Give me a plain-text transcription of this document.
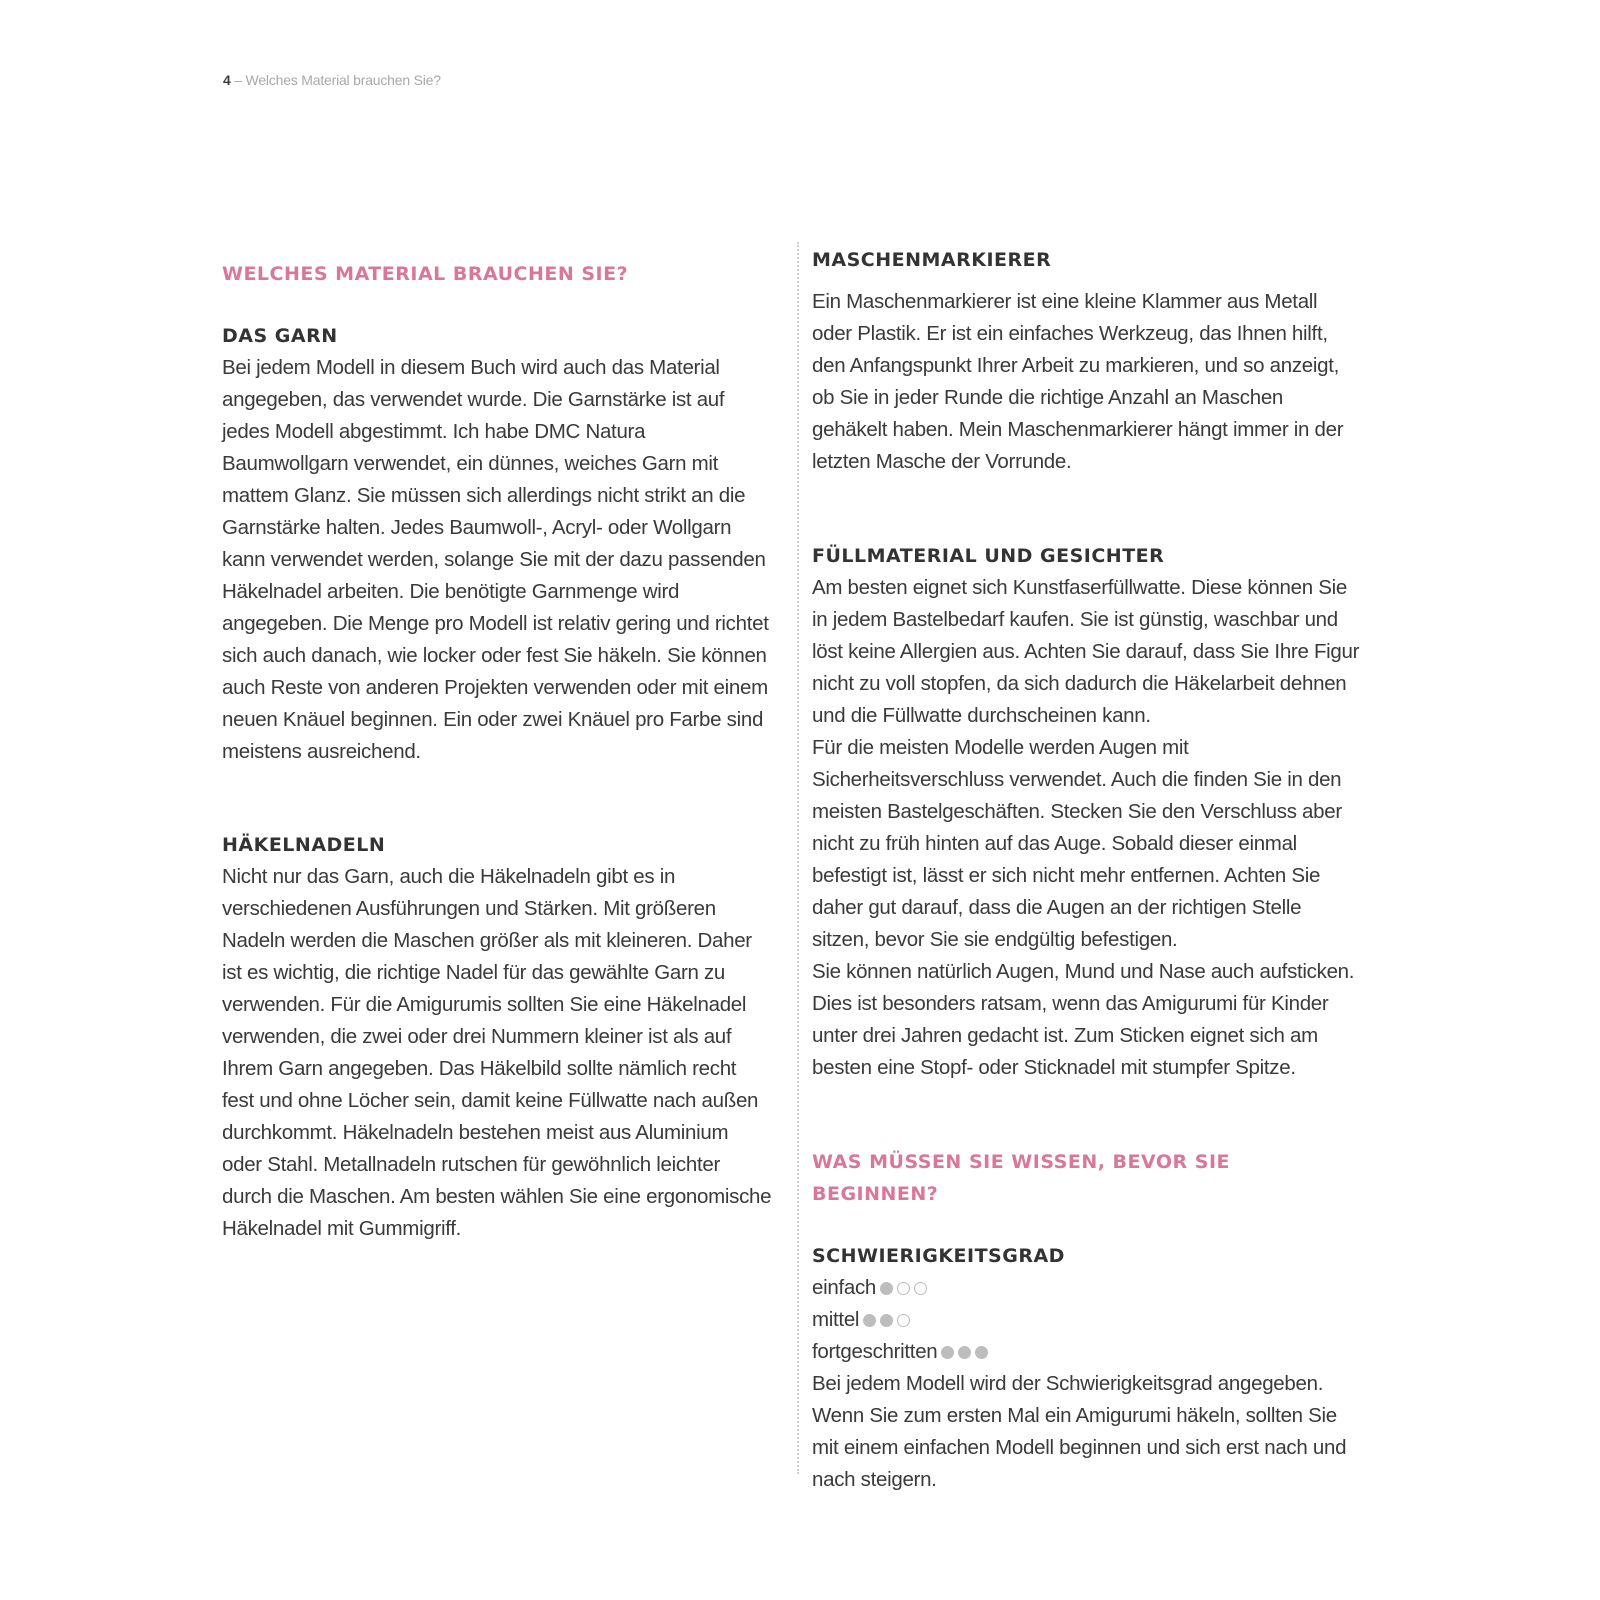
4 – Welches Material brauchen Sie?
WELCHES MATERIAL BRAUCHEN SIE?
DAS GARN

Bei jedem Modell in diesem Buch wird auch das Material angegeben, das verwendet wurde. Die Garnstärke ist auf jedes Modell abgestimmt. Ich habe DMC Natura Baumwollgarn verwendet, ein dünnes, weiches Garn mit mattem Glanz. Sie müssen sich allerdings nicht strikt an die Garnstärke halten. Jedes Baumwoll-, Acryl- oder Wollgarn kann verwendet werden, solange Sie mit der dazu passenden Häkelnadel arbeiten. Die benötigte Garnmenge wird angegeben. Die Menge pro Modell ist relativ gering und richtet sich auch danach, wie locker oder fest Sie häkeln. Sie können auch Reste von anderen Projekten verwenden oder mit einem neuen Knäuel beginnen. Ein oder zwei Knäuel pro Farbe sind meistens ausreichend.

HÄKELNADELN

Nicht nur das Garn, auch die Häkelnadeln gibt es in verschiedenen Ausführungen und Stärken. Mit größeren Nadeln werden die Maschen größer als mit kleineren. Daher ist es wichtig, die richtige Nadel für das gewählte Garn zu verwenden. Für die Amigurumis sollten Sie eine Häkelnadel verwenden, die zwei oder drei Nummern kleiner ist als auf Ihrem Garn angegeben. Das Häkelbild sollte nämlich recht fest und ohne Löcher sein, damit keine Füllwatte nach außen durchkommt. Häkelnadeln bestehen meist aus Aluminium oder Stahl. Metallnadeln rutschen für gewöhnlich leichter durch die Maschen. Am besten wählen Sie eine ergonomische Häkelnadel mit Gummigriff.

MASCHENMARKIERER

Ein Maschenmarkierer ist eine kleine Klammer aus Metall oder Plastik. Er ist ein einfaches Werkzeug, das Ihnen hilft, den Anfangspunkt Ihrer Arbeit zu markieren, und so anzeigt, ob Sie in jeder Runde die richtige Anzahl an Maschen gehäkelt haben. Mein Maschenmarkierer hängt immer in der letzten Masche der Vorrunde.

FÜLLMATERIAL UND GESICHTER

Am besten eignet sich Kunstfaserfüllwatte. Diese können Sie in jedem Bastelbedarf kaufen. Sie ist günstig, waschbar und löst keine Allergien aus. Achten Sie darauf, dass Sie Ihre Figur nicht zu voll stopfen, da sich dadurch die Häkelarbeit dehnen und die Füllwatte durchscheinen kann.

Für die meisten Modelle werden Augen mit Sicherheitsverschluss verwendet. Auch die finden Sie in den meisten Bastelgeschäften. Stecken Sie den Verschluss aber nicht zu früh hinten auf das Auge. Sobald dieser einmal befestigt ist, lässt er sich nicht mehr entfernen. Achten Sie daher gut darauf, dass die Augen an der richtigen Stelle sitzen, bevor Sie sie endgültig befestigen.

Sie können natürlich Augen, Mund und Nase auch aufsticken. Dies ist besonders ratsam, wenn das Amigurumi für Kinder unter drei Jahren gedacht ist. Zum Sticken eignet sich am besten eine Stopf- oder Sticknadel mit stumpfer Spitze.

WAS MÜSSEN SIE WISSEN, BEVOR SIE BEGINNEN?
SCHWIERIGKEITSGRAD
einfach
mittel
fortgeschritten

Bei jedem Modell wird der Schwierigkeitsgrad angegeben. Wenn Sie zum ersten Mal ein Amigurumi häkeln, sollten Sie mit einem einfachen Modell beginnen und sich erst nach und nach steigern.
